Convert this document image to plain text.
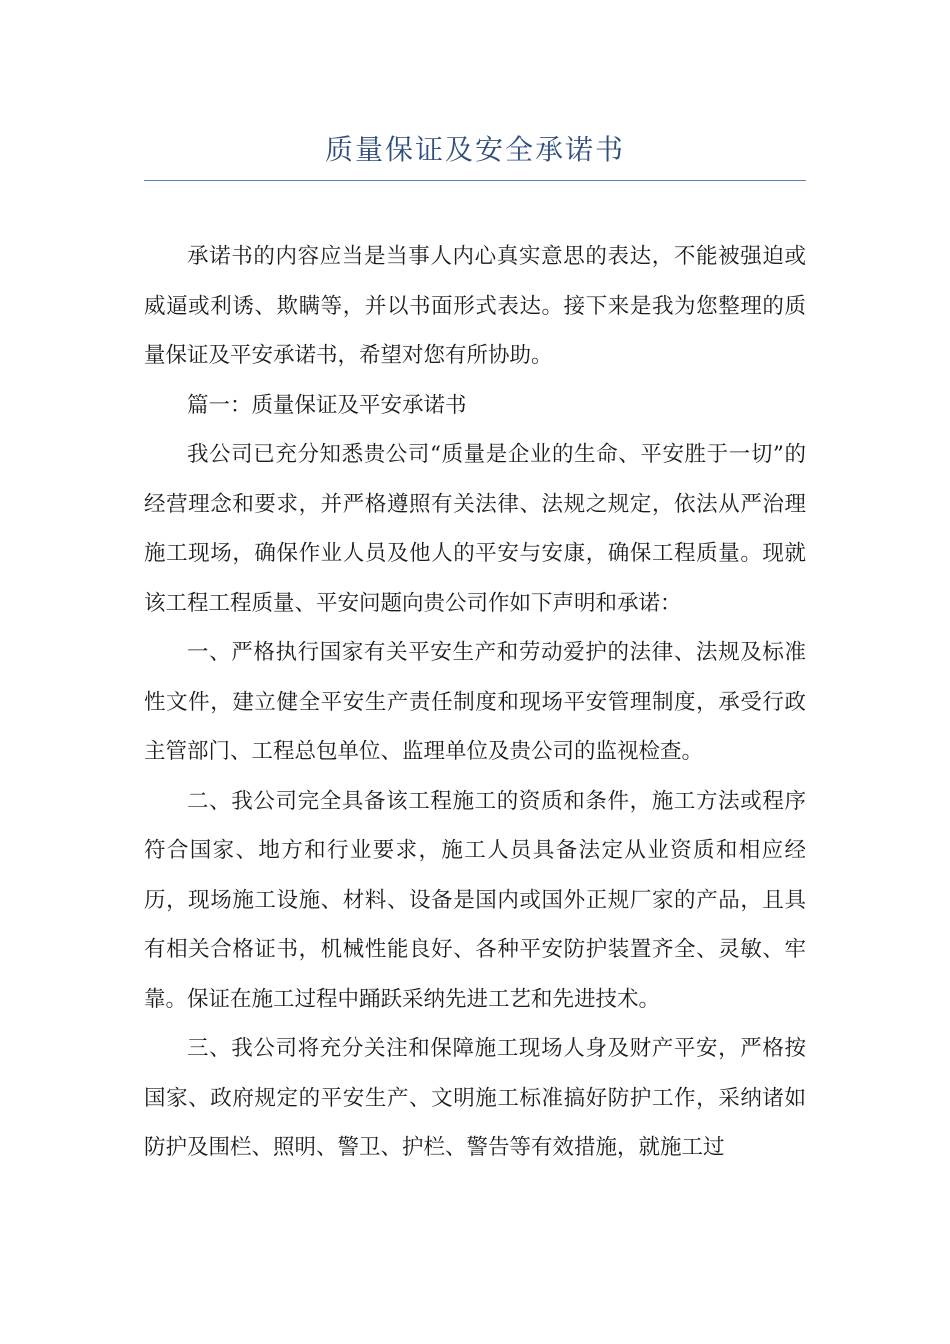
质量保证及安全承诺书

承诺书的内容应当是当事人内心真实意思的表达，不能被强迫或威逼或利诱、欺瞒等，并以书面形式表达。接下来是我为您整理的质量保证及平安承诺书，希望对您有所协助。

篇一：质量保证及平安承诺书

我公司已充分知悉贵公司“质量是企业的生命、平安胜于一切”的经营理念和要求，并严格遵照有关法律、法规之规定，依法从严治理施工现场，确保作业人员及他人的平安与安康，确保工程质量。现就该工程工程质量、平安问题向贵公司作如下声明和承诺：

一、严格执行国家有关平安生产和劳动爱护的法律、法规及标准性文件，建立健全平安生产责任制度和现场平安管理制度，承受行政主管部门、工程总包单位、监理单位及贵公司的监视检查。

二、我公司完全具备该工程施工的资质和条件，施工方法或程序符合国家、地方和行业要求，施工人员具备法定从业资质和相应经历，现场施工设施、材料、设备是国内或国外正规厂家的产品，且具有相关合格证书，机械性能良好、各种平安防护装置齐全、灵敏、牢靠。保证在施工过程中踊跃采纳先进工艺和先进技术。

三、我公司将充分关注和保障施工现场人身及财产平安，严格按国家、政府规定的平安生产、文明施工标准搞好防护工作，采纳诸如防护及围栏、照明、警卫、护栏、警告等有效措施，就施工过
